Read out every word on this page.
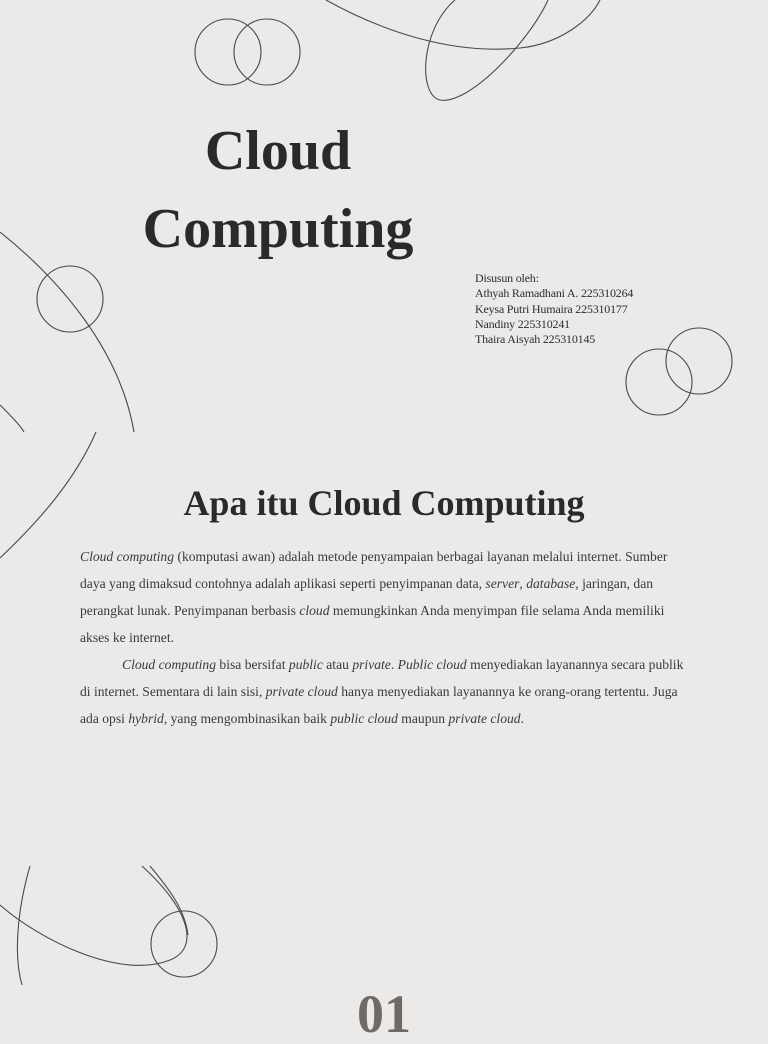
Cloud
Computing
Disusun oleh:
Athyah Ramadhani A. 225310264
Keysa Putri Humaira 225310177
Nandiny 225310241
Thaira Aisyah 225310145
Apa itu Cloud Computing

Cloud computing (komputasi awan) adalah metode penyampaian berbagai layanan melalui internet. Sumber daya yang dimaksud contohnya adalah aplikasi seperti penyimpanan data, server, database, jaringan, dan perangkat lunak. Penyimpanan berbasis cloud memungkinkan Anda menyimpan file selama Anda memiliki akses ke internet.

Cloud computing bisa bersifat public atau private. Public cloud menyediakan layanannya secara publik di internet. Sementara di lain sisi, private cloud hanya menyediakan layanannya ke orang-orang tertentu. Juga ada opsi hybrid, yang mengombinasikan baik public cloud maupun private cloud.

01
